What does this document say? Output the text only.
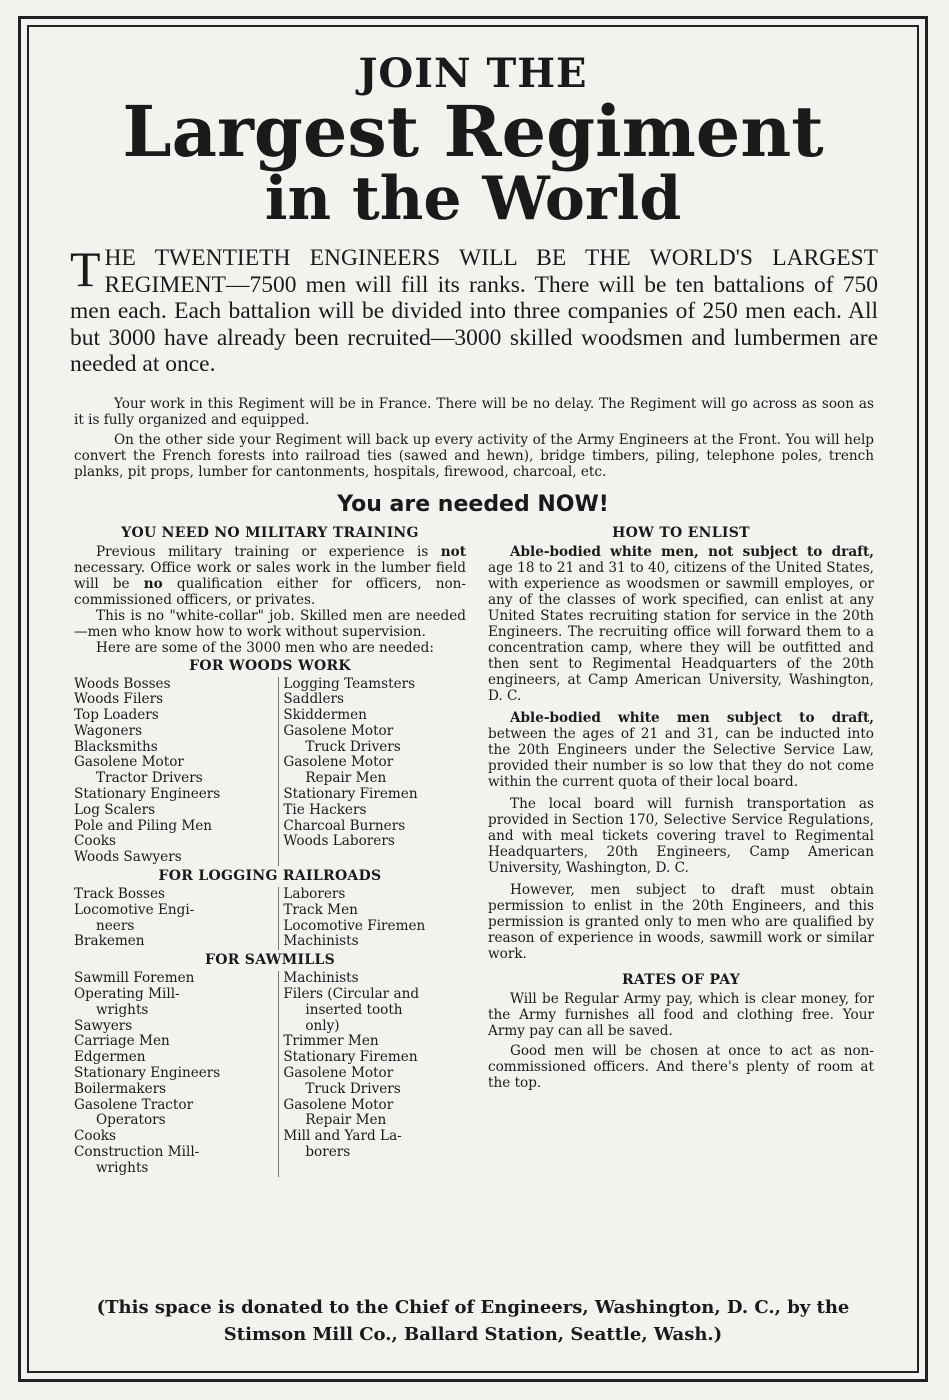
JOIN THE
Largest Regiment
in the World
THE TWENTIETH ENGINEERS WILL BE THE WORLD'S LARGEST REGIMENT—7500 men will fill its ranks. There will be ten battalions of 750 men each. Each battalion will be divided into three companies of 250 men each. All but 3000 have already been recruited—3000 skilled woodsmen and lumbermen are needed at once.

Your work in this Regiment will be in France. There will be no delay. The Regiment will go across as soon as it is fully organized and equipped.

On the other side your Regiment will back up every activity of the Army Engineers at the Front. You will help convert the French forests into railroad ties (sawed and hewn), bridge timbers, piling, telephone poles, trench planks, pit props, lumber for cantonments, hospitals, firewood, charcoal, etc.

You are needed NOW!
YOU NEED NO MILITARY TRAINING

Previous military training or experience is not necessary. Office work or sales work in the lumber field will be no qualification either for officers, non-commissioned officers, or privates.

This is no "white-collar" job. Skilled men are needed—men who know how to work without supervision.

Here are some of the 3000 men who are needed:

FOR WOODS WORK
Woods Bosses
Woods Filers
Top Loaders
Wagoners
Blacksmiths
Gasolene Motor
Tractor Drivers
Stationary Engineers
Log Scalers
Pole and Piling Men
Cooks
Woods Sawyers
Logging Teamsters
Saddlers
Skiddermen
Gasolene Motor
Truck Drivers
Gasolene Motor
Repair Men
Stationary Firemen
Tie Hackers
Charcoal Burners
Woods Laborers
FOR LOGGING RAILROADS
Track Bosses
Locomotive Engi-
neers
Brakemen
Laborers
Track Men
Locomotive Firemen
Machinists
FOR SAWMILLS
Sawmill Foremen
Operating Mill-
wrights
Sawyers
Carriage Men
Edgermen
Stationary Engineers
Boilermakers
Gasolene Tractor
Operators
Cooks
Construction Mill-
wrights
Machinists
Filers (Circular and
inserted tooth
only)
Trimmer Men
Stationary Firemen
Gasolene Motor
Truck Drivers
Gasolene Motor
Repair Men
Mill and Yard La-
borers
HOW TO ENLIST

Able-bodied white men, not subject to draft, age 18 to 21 and 31 to 40, citizens of the United States, with experience as woodsmen or sawmill employes, or any of the classes of work specified, can enlist at any United States recruiting station for service in the 20th Engineers. The recruiting office will forward them to a concentration camp, where they will be outfitted and then sent to Regimental Headquarters of the 20th engineers, at Camp American University, Washington, D. C.

Able-bodied white men subject to draft, between the ages of 21 and 31, can be inducted into the 20th Engineers under the Selective Service Law, provided their number is so low that they do not come within the current quota of their local board.

The local board will furnish transportation as provided in Section 170, Selective Service Regulations, and with meal tickets covering travel to Regimental Headquarters, 20th Engineers, Camp American University, Washington, D. C.

However, men subject to draft must obtain permission to enlist in the 20th Engineers, and this permission is granted only to men who are qualified by reason of experience in woods, sawmill work or similar work.

RATES OF PAY

Will be Regular Army pay, which is clear money, for the Army furnishes all food and clothing free. Your Army pay can all be saved.

Good men will be chosen at once to act as non-commissioned officers. And there's plenty of room at the top.

(This space is donated to the Chief of Engineers, Washington, D. C., by the
Stimson Mill Co., Ballard Station, Seattle, Wash.)
